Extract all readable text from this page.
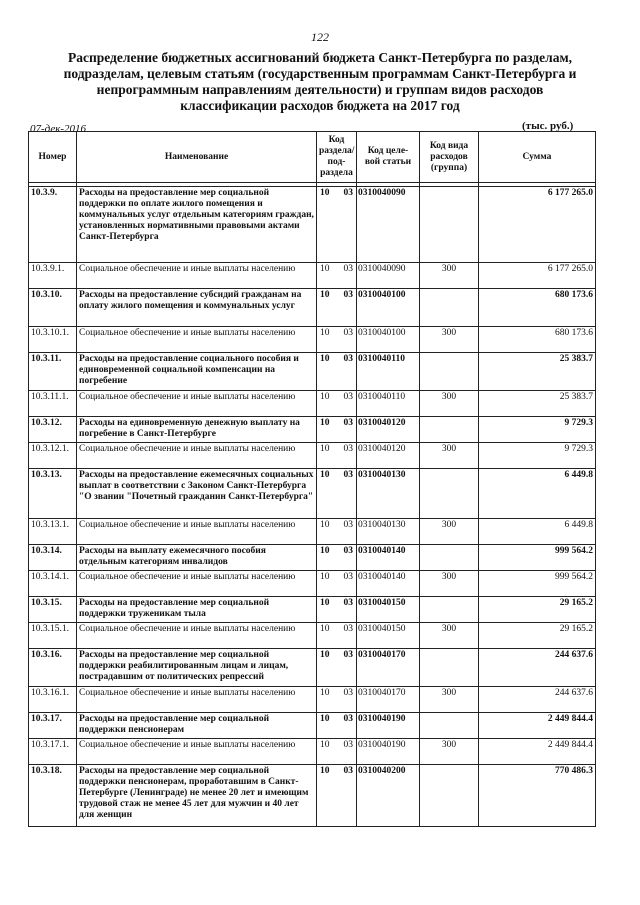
122
Распределение бюджетных ассигнований бюджета Санкт-Петербурга по разделам, подразделам, целевым статьям (государственным программам Санкт-Петербурга и непрограммным направлениям деятельности) и группам видов расходов классификации расходов бюджета на 2017 год
07-дек-2016	(тыс. руб.)
Номер	Наименование	Код раздела/ под- раздела	Код целе- вой статьи	Код вида расходов (группа)	Сумма

10.3.9.	Расходы на предоставление мер социальной поддержки по оплате жилого помещения и коммунальных услуг отдельным категориям граждан, установленных нормативными правовыми актами Санкт-Петербурга	10 03	0310040090		6 177 265.0
10.3.9.1.	Социальное обеспечение и иные выплаты населению	10 03	0310040090	300	6 177 265.0
10.3.10.	Расходы на предоставление субсидий гражданам на оплату жилого помещения и коммунальных услуг	10 03	0310040100		680 173.6
10.3.10.1.	Социальное обеспечение и иные выплаты населению	10 03	0310040100	300	680 173.6
10.3.11.	Расходы на предоставление социального пособия и единовременной социальной компенсации на погребение	10 03	0310040110		25 383.7
10.3.11.1.	Социальное обеспечение и иные выплаты населению	10 03	0310040110	300	25 383.7
10.3.12.	Расходы на единовременную денежную выплату на погребение в Санкт-Петербурге	10 03	0310040120		9 729.3
10.3.12.1.	Социальное обеспечение и иные выплаты населению	10 03	0310040120	300	9 729.3
10.3.13.	Расходы на предоставление ежемесячных социальных выплат в соответствии с Законом Санкт-Петербурга "О звании "Почетный гражданин Санкт-Петербурга"	10 03	0310040130		6 449.8
10.3.13.1.	Социальное обеспечение и иные выплаты населению	10 03	0310040130	300	6 449.8
10.3.14.	Расходы на выплату ежемесячного пособия отдельным категориям инвалидов	10 03	0310040140		999 564.2
10.3.14.1.	Социальное обеспечение и иные выплаты населению	10 03	0310040140	300	999 564.2
10.3.15.	Расходы на предоставление мер социальной поддержки труженикам тыла	10 03	0310040150		29 165.2
10.3.15.1.	Социальное обеспечение и иные выплаты населению	10 03	0310040150	300	29 165.2
10.3.16.	Расходы на предоставление мер социальной поддержки реабилитированным лицам и лицам, пострадавшим от политических репрессий	10 03	0310040170		244 637.6
10.3.16.1.	Социальное обеспечение и иные выплаты населению	10 03	0310040170	300	244 637.6
10.3.17.	Расходы на предоставление мер социальной поддержки пенсионерам	10 03	0310040190		2 449 844.4
10.3.17.1.	Социальное обеспечение и иные выплаты населению	10 03	0310040190	300	2 449 844.4
10.3.18.	Расходы на предоставление мер социальной поддержки пенсионерам, проработавшим в Санкт-Петербурге (Ленинграде) не менее 20 лет и имеющим трудовой стаж не менее 45 лет для мужчин и 40 лет для женщин	10 03	0310040200		770 486.3
